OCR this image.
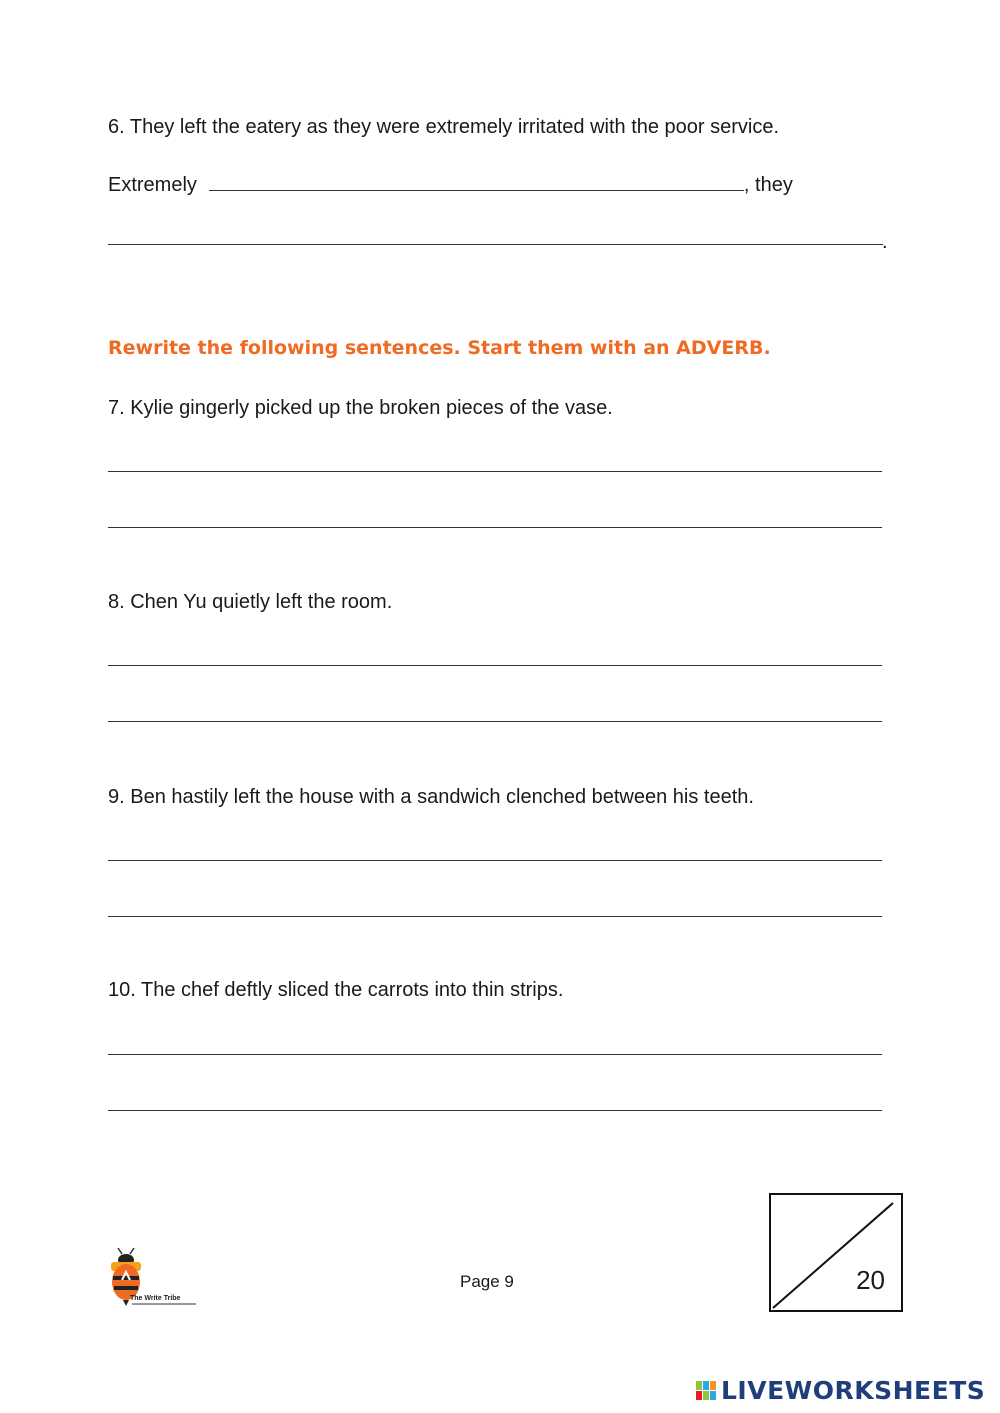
6. They left the eatery as they were extremely irritated with the poor service.
Extremely	, they
.
Rewrite the following sentences. Start them with an ADVERB.
7. Kylie gingerly picked up the broken pieces of the vase.
8. Chen Yu quietly left the room.
9. Ben hastily left the house with a sandwich clenched between his teeth.
10. The chef deftly sliced the carrots into thin strips.
The Write Tribe
Page 9	20
LIVEWORKSHEETS
